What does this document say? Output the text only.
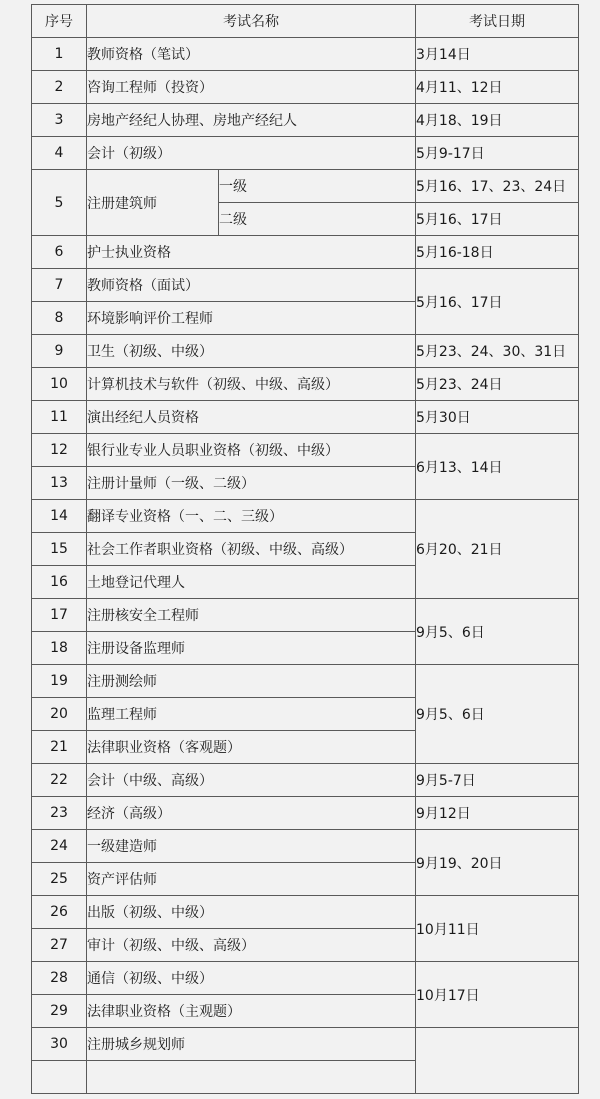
序号	考试名称		考试日期
1	教师资格（笔试）		3月14日
2	咨询工程师（投资）		4月11、12日
3	房地产经纪人协理、房地产经纪人		4月18、19日
4	会计（初级）		5月9-17日
5	注册建筑师	一级	5月16、17、23、24日
		二级	5月16、17日
6	护士执业资格		5月16-18日
7	教师资格（面试）		5月16、17日
8	环境影响评价工程师		
9	卫生（初级、中级）		5月23、24、30、31日
10	计算机技术与软件（初级、中级、高级）		5月23、24日
11	演出经纪人员资格		5月30日
12	银行业专业人员职业资格（初级、中级）		6月13、14日
13	注册计量师（一级、二级）		
14	翻译专业资格（一、二、三级）		6月20、21日
15	社会工作者职业资格（初级、中级、高级）		
16	土地登记代理人		
17	注册核安全工程师		9月5、6日
18	注册设备监理师		
19	注册测绘师		9月5、6日
20	监理工程师		
21	法律职业资格（客观题）		
22	会计（中级、高级）		9月5-7日
23	经济（高级）		9月12日
24	一级建造师		9月19、20日
25	资产评估师		
26	出版（初级、中级）		10月11日
27	审计（初级、中级、高级）		
28	通信（初级、中级）		10月17日
29	法律职业资格（主观题）		
30	注册城乡规划师		
